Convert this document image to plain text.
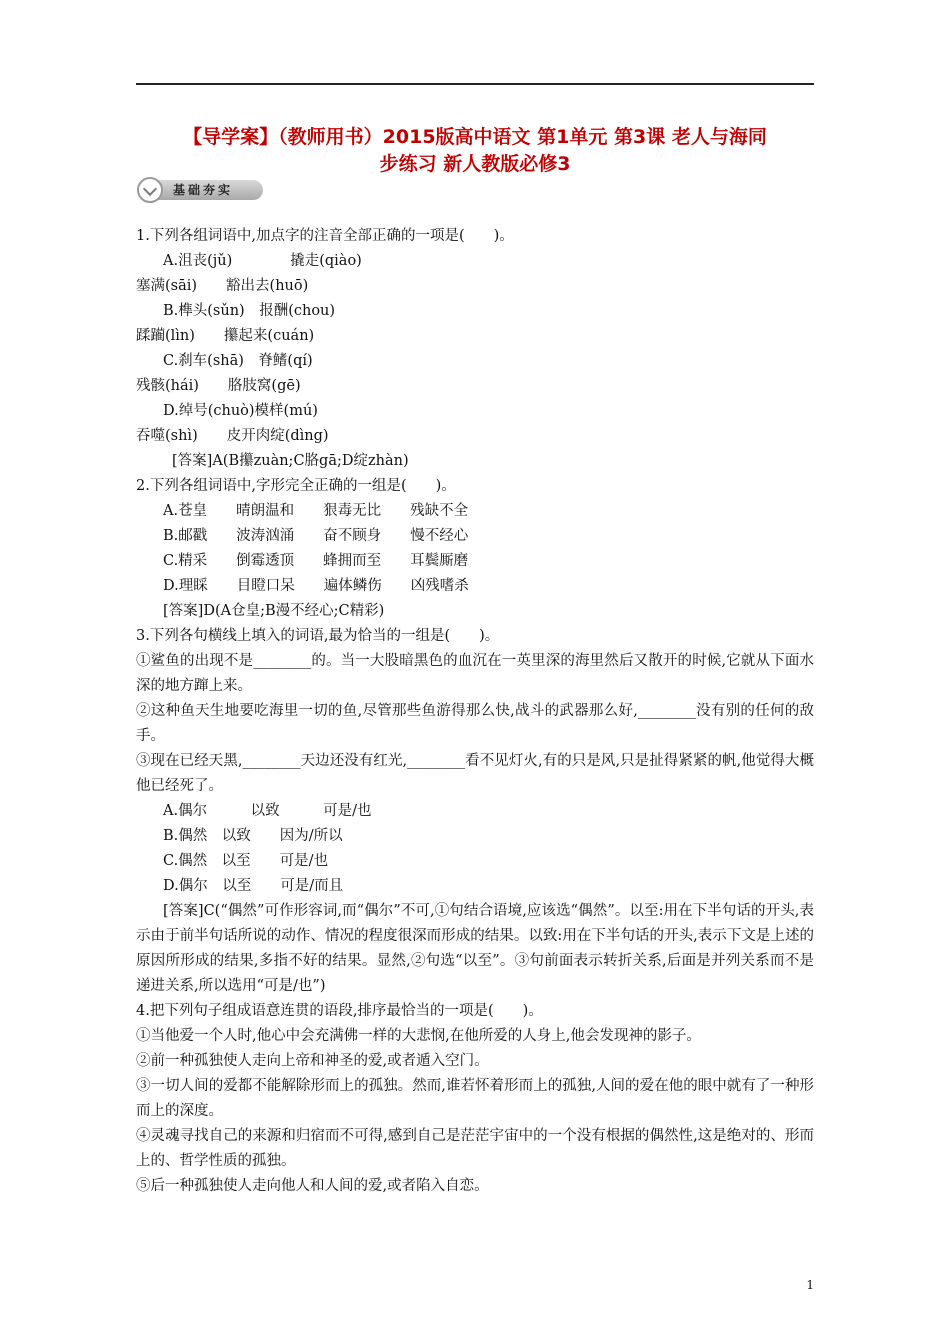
【导学案】（教师用书）2015版高中语文 第1单元 第3课 老人与海同
步练习 新人教版必修3
基础夯实
1.下列各组词语中,加点字的注音全部正确的一项是(　　)。
A.沮丧(jǔ)　　　　撬走(qiào)
塞满(sāi)　　豁出去(huō)
B.榫头(sǔn)　报酬(chou)
蹂躏(lìn)　　攥起来(cuán)
C.刹车(shā)　脊鳍(qí)
残骸(hái)　　胳肢窝(gē)
D.绰号(chuò)模样(mú)
吞噬(shì)　　皮开肉绽(dìng)
[答案]A(B攥zuàn;C胳gā;D绽zhàn)
2.下列各组词语中,字形完全正确的一组是(　　)。
A.苍皇　　晴朗温和　　狠毒无比　　残缺不全
B.邮戳　　波涛汹涌　　奋不顾身　　慢不经心
C.精采　　倒霉透顶　　蜂拥而至　　耳鬓厮磨
D.理睬　　目瞪口呆　　遍体鳞伤　　凶残嗜杀
[答案]D(A仓皇;B漫不经心;C精彩)
3.下列各句横线上填入的词语,最为恰当的一组是(　　)。
①鲨鱼的出现不是________的。当一大股暗黑色的血沉在一英里深的海里然后又散开的时候,它就从下面水深的地方蹿上来。
②这种鱼天生地要吃海里一切的鱼,尽管那些鱼游得那么快,战斗的武器那么好,________没有别的任何的敌手。
③现在已经天黑,________天边还没有红光,________看不见灯火,有的只是风,只是扯得紧紧的帆,他觉得大概他已经死了。
A.偶尔　　　以致　　　可是/也
B.偶然　以致　　因为/所以
C.偶然　以至　　可是/也
D.偶尔　以至　　可是/而且
[答案]C(“偶然”可作形容词,而“偶尔”不可,①句结合语境,应该选“偶然”。以至:用在下半句话的开头,表示由于前半句话所说的动作、情况的程度很深而形成的结果。以致:用在下半句话的开头,表示下文是上述的原因所形成的结果,多指不好的结果。显然,②句选“以至”。③句前面表示转折关系,后面是并列关系而不是递进关系,所以选用“可是/也”)
4.把下列句子组成语意连贯的语段,排序最恰当的一项是(　　)。
①当他爱一个人时,他心中会充满佛一样的大悲悯,在他所爱的人身上,他会发现神的影子。
②前一种孤独使人走向上帝和神圣的爱,或者遁入空门。
③一切人间的爱都不能解除形而上的孤独。然而,谁若怀着形而上的孤独,人间的爱在他的眼中就有了一种形而上的深度。
④灵魂寻找自己的来源和归宿而不可得,感到自己是茫茫宇宙中的一个没有根据的偶然性,这是绝对的、形而上的、哲学性质的孤独。
⑤后一种孤独使人走向他人和人间的爱,或者陷入自恋。
1
